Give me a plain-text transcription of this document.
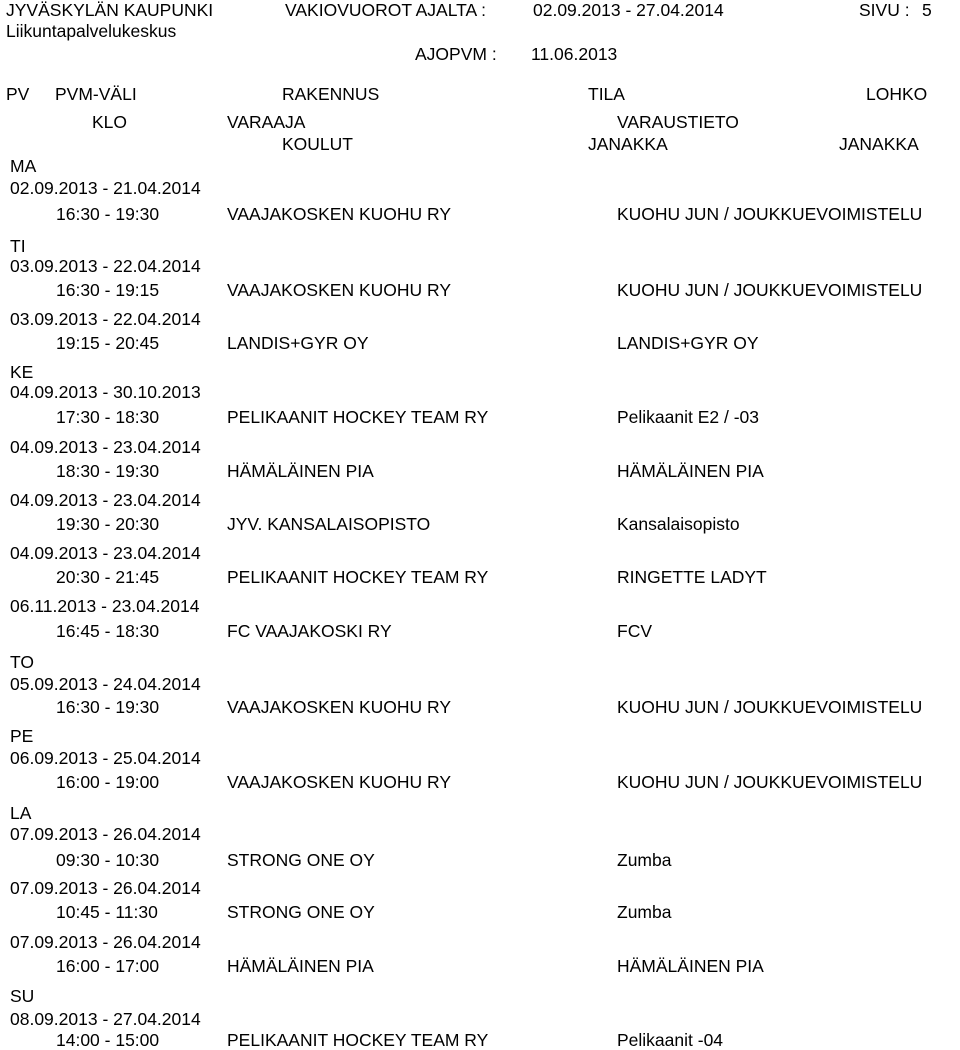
JYVÄSKYLÄN KAUPUNKI
Liikuntapalvelukeskus
VAKIOVUOROT AJALTA :	02.09.2013 - 27.04.2014	SIVU : 5
AJOPVM : 11.06.2013
PV PVM-VÄLI	RAKENNUS	TILA	LOHKO
KLO	VARAAJA	VARAUSTIETO
KOULUT	JANAKKA	JANAKKA
MA
02.09.2013 - 21.04.2014
16:30 - 19:30	VAAJAKOSKEN KUOHU RY	KUOHU JUN / JOUKKUEVOIMISTELU
TI
03.09.2013 - 22.04.2014
16:30 - 19:15	VAAJAKOSKEN KUOHU RY	KUOHU JUN / JOUKKUEVOIMISTELU
03.09.2013 - 22.04.2014
19:15 - 20:45	LANDIS+GYR OY	LANDIS+GYR OY
KE
04.09.2013 - 30.10.2013
17:30 - 18:30	PELIKAANIT HOCKEY TEAM RY	Pelikaanit E2 / -03
04.09.2013 - 23.04.2014
18:30 - 19:30	HÄMÄLÄINEN PIA	HÄMÄLÄINEN PIA
04.09.2013 - 23.04.2014
19:30 - 20:30	JYV. KANSALAISOPISTO	Kansalaisopisto
04.09.2013 - 23.04.2014
20:30 - 21:45	PELIKAANIT HOCKEY TEAM RY	RINGETTE LADYT
06.11.2013 - 23.04.2014
16:45 - 18:30	FC VAAJAKOSKI RY	FCV
TO
05.09.2013 - 24.04.2014
16:30 - 19:30	VAAJAKOSKEN KUOHU RY	KUOHU JUN / JOUKKUEVOIMISTELU
PE
06.09.2013 - 25.04.2014
16:00 - 19:00	VAAJAKOSKEN KUOHU RY	KUOHU JUN / JOUKKUEVOIMISTELU
LA
07.09.2013 - 26.04.2014
09:30 - 10:30	STRONG ONE OY	Zumba
07.09.2013 - 26.04.2014
10:45 - 11:30	STRONG ONE OY	Zumba
07.09.2013 - 26.04.2014
16:00 - 17:00	HÄMÄLÄINEN PIA	HÄMÄLÄINEN PIA
SU
08.09.2013 - 27.04.2014
14:00 - 15:00	PELIKAANIT HOCKEY TEAM RY	Pelikaanit -04
